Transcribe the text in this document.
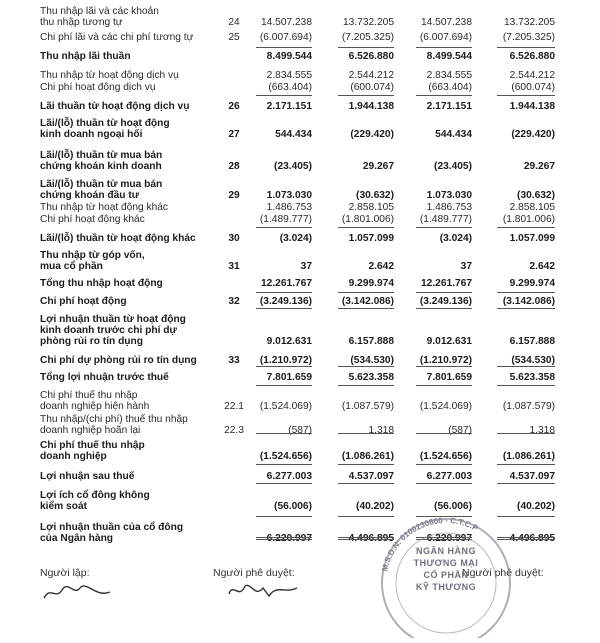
Thu nhập lãi và các khoản
thu nhập tương tự	24	14.507.238	13.732.205	14.507.238	13.732.205
Chi phí lãi và các chi phí tương tự	25	(6.007.694)	(7.205.325)	(6.007.694)	(7.205.325)
Thu nhập lãi thuần	8.499.544	6.526.880	8.499.544	6.526.880
Thu nhập từ hoạt động dịch vụ	2.834.555	2.544.212	2.834.555	2.544.212
Chi phí hoạt động dịch vụ	(663.404)	(600.074)	(663.404)	(600.074)
Lãi thuần từ hoạt động dịch vụ	26	2.171.151	1.944.138	2.171.151	1.944.138
Lãi/(lỗ) thuần từ hoạt động
kinh doanh ngoại hối	27	544.434	(229.420)	544.434	(229.420)
Lãi/(lỗ) thuần từ mua bán
chứng khoán kinh doanh	28	(23.405)	29.267	(23.405)	29.267
Lãi/(lỗ) thuần từ mua bán
chứng khoán đầu tư	29	1.073.030	(30.632)	1.073.030	(30.632)
Thu nhập từ hoạt động khác	1.486.753	2.858.105	1.486.753	2.858.105
Chi phí hoạt động khác	(1.489.777)	(1.801.006)	(1.489.777)	(1.801.006)
Lãi/(lỗ) thuần từ hoạt động khác	30	(3.024)	1.057.099	(3.024)	1.057.099
Thu nhập từ góp vốn,
mua cổ phần	31	37	2.642	37	2.642
Tổng thu nhập hoạt động	12.261.767	9.299.974	12.261.767	9.299.974
Chi phí hoạt động	32	(3.249.136)	(3.142.086)	(3.249.136)	(3.142.086)
Lợi nhuận thuần từ hoạt động
kinh doanh trước chi phí dự
phòng rủi ro tín dụng	9.012.631	6.157.888	9.012.631	6.157.888
Chi phí dự phòng rủi ro tín dụng	33	(1.210.972)	(534.530)	(1.210.972)	(534.530)
Tổng lợi nhuận trước thuế	7.801.659	5.623.358	7.801.659	5.623.358
Chi phí thuế thu nhập
doanh nghiệp hiện hành	22.1	(1.524.069)	(1.087.579)	(1.524.069)	(1.087.579)
Thu nhập/(chi phí) thuế thu nhập
doanh nghiệp hoãn lại	22.3	(587)	1.318	(587)	1.318
Chi phí thuế thu nhập
doanh nghiệp	(1.524.656)	(1.086.261)	(1.524.656)	(1.086.261)
Lợi nhuận sau thuế	6.277.003	4.537.097	6.277.003	4.537.097
Lợi ích cổ đông không
kiểm soát	(56.006)	(40.202)	(56.006)	(40.202)
Lợi nhuận thuần của cổ đông
của Ngân hàng	6.220.997	4.496.895	6.220.997	4.496.895
Người lập:	Người phê duyệt:	Người phê duyệt:
M.S.D.N: 0100230800 - C.T.C.P
NGÂN HÀNG
THƯƠNG MẠI
CỔ PHẦN
KỸ THƯƠNG
